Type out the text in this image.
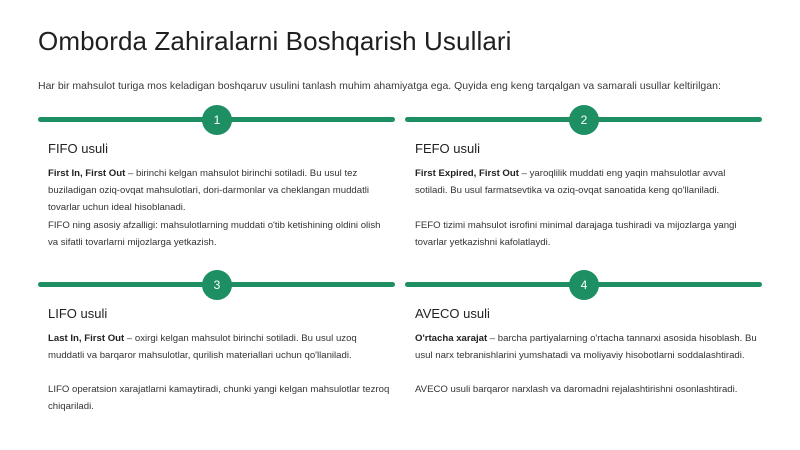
Omborda Zahiralarni Boshqarish Usullari
Har bir mahsulot turiga mos keladigan boshqaruv usulini tanlash muhim ahamiyatga ega. Quyida eng keng tarqalgan va samarali usullar keltirilgan:
1
FIFO usuli

First In, First Out – birinchi kelgan mahsulot birinchi sotiladi. Bu usul tez buziladigan oziq-ovqat mahsulotlari, dori-darmonlar va cheklangan muddatli tovarlar uchun ideal hisoblanadi.

FIFO ning asosiy afzalligi: mahsulotlarning muddati o'tib ketishining oldini olish va sifatli tovarlarni mijozlarga yetkazish.

2
FEFO usuli

First Expired, First Out – yaroqlilik muddati eng yaqin mahsulotlar avval sotiladi. Bu usul farmatsevtika va oziq-ovqat sanoatida keng qo'llaniladi.

FEFO tizimi mahsulot isrofini minimal darajaga tushiradi va mijozlarga yangi tovarlar yetkazishni kafolatlaydi.

3
LIFO usuli

Last In, First Out – oxirgi kelgan mahsulot birinchi sotiladi. Bu usul uzoq muddatli va barqaror mahsulotlar, qurilish materiallari uchun qo'llaniladi.

LIFO operatsion xarajatlarni kamaytiradi, chunki yangi kelgan mahsulotlar tezroq chiqariladi.

4
AVECO usuli

O'rtacha xarajat – barcha partiyalarning o'rtacha tannarxi asosida hisoblash. Bu usul narx tebranishlarini yumshatadi va moliyaviy hisobotlarni soddalashtiradi.

AVECO usuli barqaror narxlash va daromadni rejalashtirishni osonlashtiradi.
